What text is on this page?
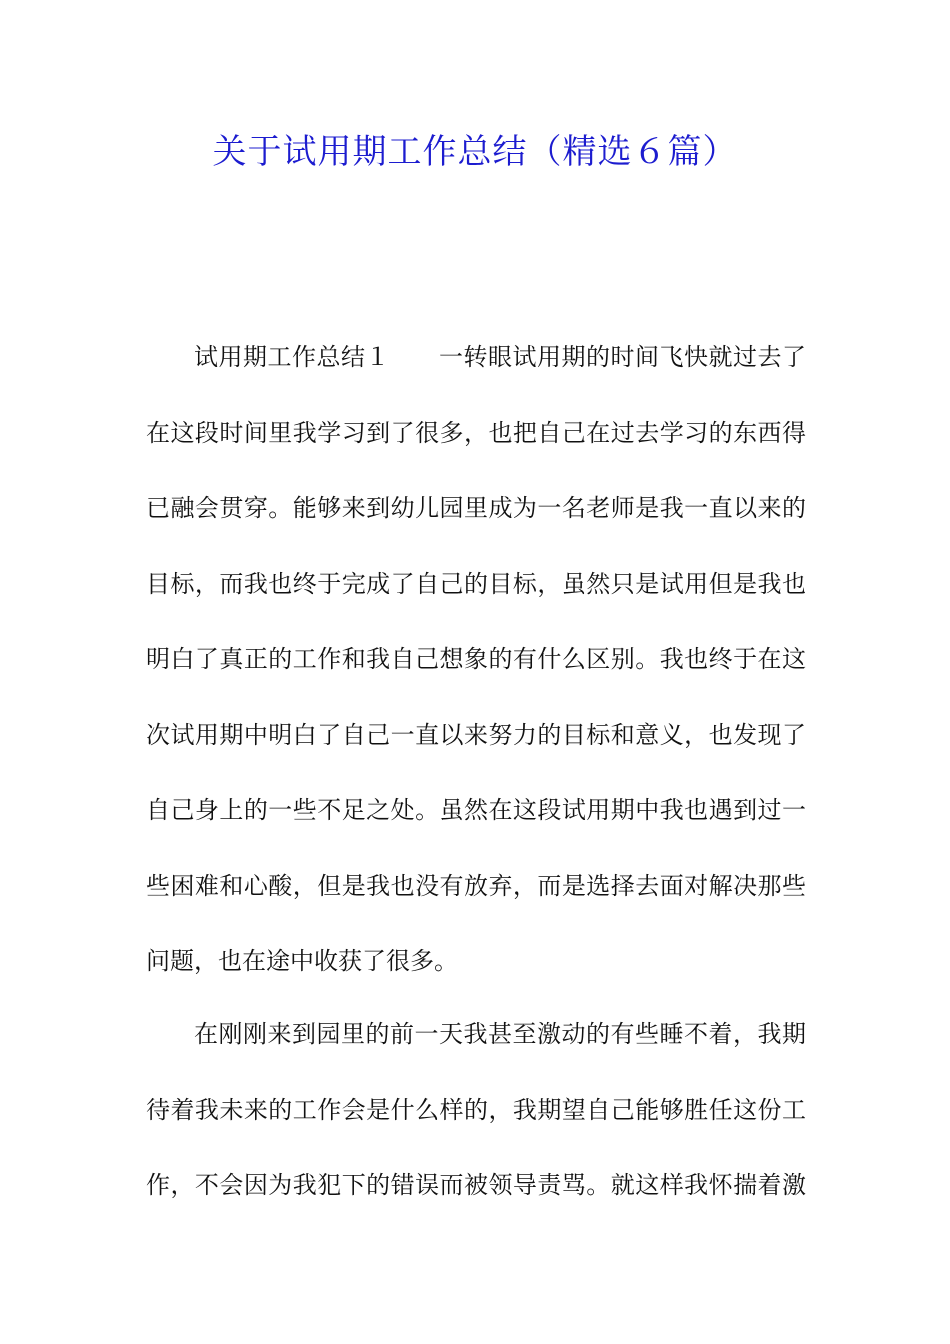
关于试用期工作总结（精选６篇）
试用期工作总结１　　一转眼试用期的时间飞快就过去了
在这段时间里我学习到了很多，也把自己在过去学习的东西得
已融会贯穿。能够来到幼儿园里成为一名老师是我一直以来的
目标，而我也终于完成了自己的目标，虽然只是试用但是我也
明白了真正的工作和我自己想象的有什么区别。我也终于在这
次试用期中明白了自己一直以来努力的目标和意义，也发现了
自己身上的一些不足之处。虽然在这段试用期中我也遇到过一
些困难和心酸，但是我也没有放弃，而是选择去面对解决那些
问题，也在途中收获了很多。
在刚刚来到园里的前一天我甚至激动的有些睡不着，我期
待着我未来的工作会是什么样的，我期望自己能够胜任这份工
作，不会因为我犯下的错误而被领导责骂。就这样我怀揣着激
